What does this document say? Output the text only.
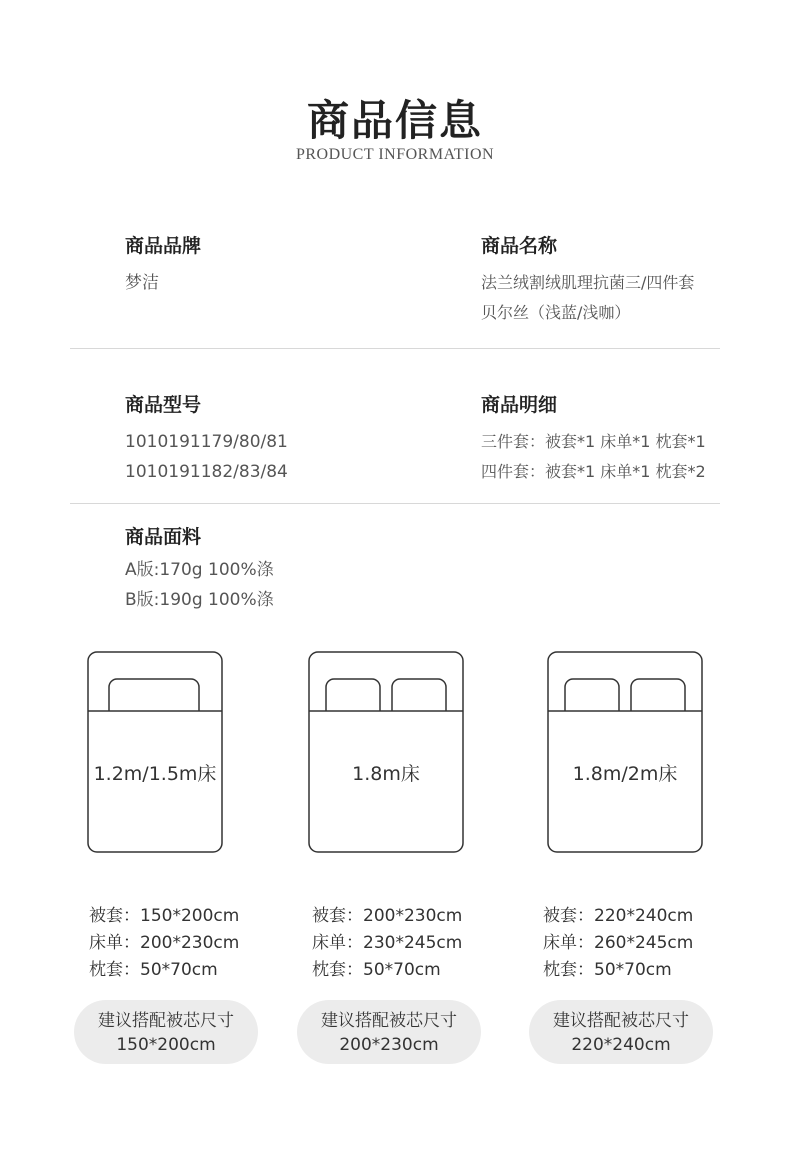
商品信息
PRODUCT INFORMATION
商品品牌
梦洁
商品名称
法兰绒割绒肌理抗菌三/四件套
贝尔丝（浅蓝/浅咖）
商品型号
1010191179/80/81
1010191182/83/84
商品明细
三件套：被套*1 床单*1 枕套*1
四件套：被套*1 床单*1 枕套*2
商品面料
A版:170g 100%涤
B版:190g 100%涤
1.2m/1.5m床	1.8m床	1.8m/2m床
被套：150*200cm
床单：200*230cm
枕套：50*70cm
被套：200*230cm
床单：230*245cm
枕套：50*70cm
被套：220*240cm
床单：260*245cm
枕套：50*70cm
建议搭配被芯尺寸
150*200cm
建议搭配被芯尺寸
200*230cm
建议搭配被芯尺寸
220*240cm
